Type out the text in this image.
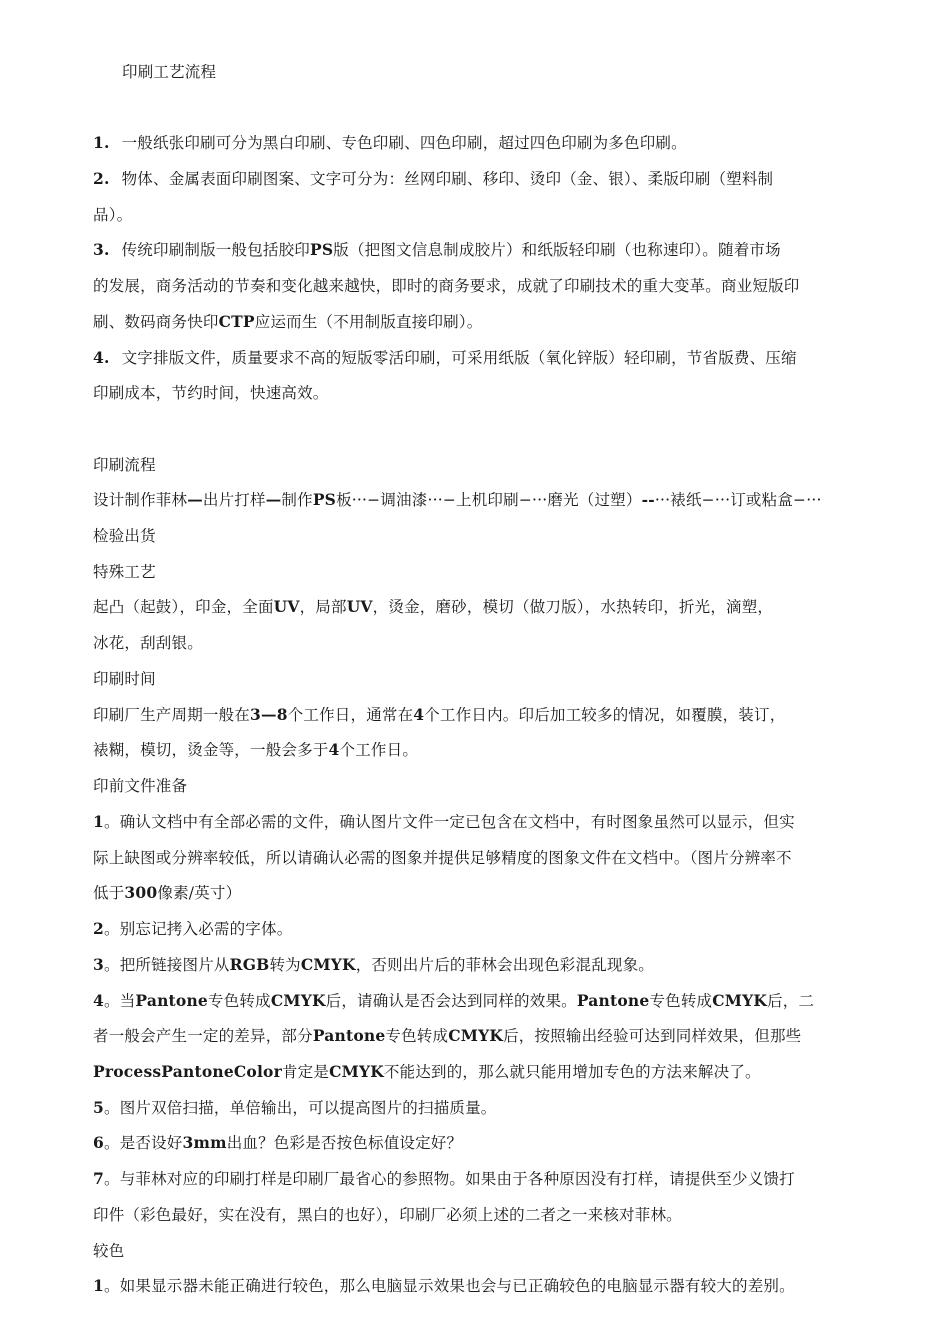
印刷工艺流程
1. 一般纸张印刷可分为黑白印刷、专色印刷、四色印刷，超过四色印刷为多色印刷。
2. 物体、金属表面印刷图案、文字可分为：丝网印刷、移印、烫印（金、银）、柔版印刷（塑料制
品）。
3. 传统印刷制版一般包括胶印PS版（把图文信息制成胶片）和纸版轻印刷（也称速印）。随着市场
的发展，商务活动的节奏和变化越来越快，即时的商务要求，成就了印刷技术的重大变革。商业短版印
刷、数码商务快印CTP应运而生（不用制版直接印刷）。
4. 文字排版文件，质量要求不高的短版零活印刷，可采用纸版（氧化锌版）轻印刷，节省版费、压缩
印刷成本，节约时间，快速高效。
印刷流程
设计制作菲林—出片打样—制作PS板···−调油漆···−上机印刷−···磨光（过塑）--···裱纸−···订或粘盒−···
检验出货
特殊工艺
起凸（起鼓），印金，全面UV，局部UV，烫金，磨砂，模切（做刀版），水热转印，折光，滴塑，
冰花，刮刮银。
印刷时间
印刷厂生产周期一般在3—8个工作日，通常在4个工作日内。印后加工较多的情况，如覆膜，装订，
裱糊，模切，烫金等，一般会多于4个工作日。
印前文件准备
1。确认文档中有全部必需的文件，确认图片文件一定已包含在文档中，有时图象虽然可以显示，但实
际上缺图或分辨率较低，所以请确认必需的图象并提供足够精度的图象文件在文档中。（图片分辨率不
低于300像素/英寸）
2。别忘记拷入必需的字体。
3。把所链接图片从RGB转为CMYK，否则出片后的菲林会出现色彩混乱现象。
4。当Pantone专色转成CMYK后，请确认是否会达到同样的效果。Pantone专色转成CMYK后，二
者一般会产生一定的差异，部分Pantone专色转成CMYK后，按照输出经验可达到同样效果，但那些
ProcessPantoneColor肯定是CMYK不能达到的，那么就只能用增加专色的方法来解决了。
5。图片双倍扫描，单倍输出，可以提高图片的扫描质量。
6。是否设好3mm出血？色彩是否按色标值设定好？
7。与菲林对应的印刷打样是印刷厂最省心的参照物。如果由于各种原因没有打样，请提供至少义馈打
印件（彩色最好，实在没有，黑白的也好），印刷厂必须上述的二者之一来核对菲林。
较色
1。如果显示器未能正确进行较色，那么电脑显示效果也会与已正确较色的电脑显示器有较大的差别。
